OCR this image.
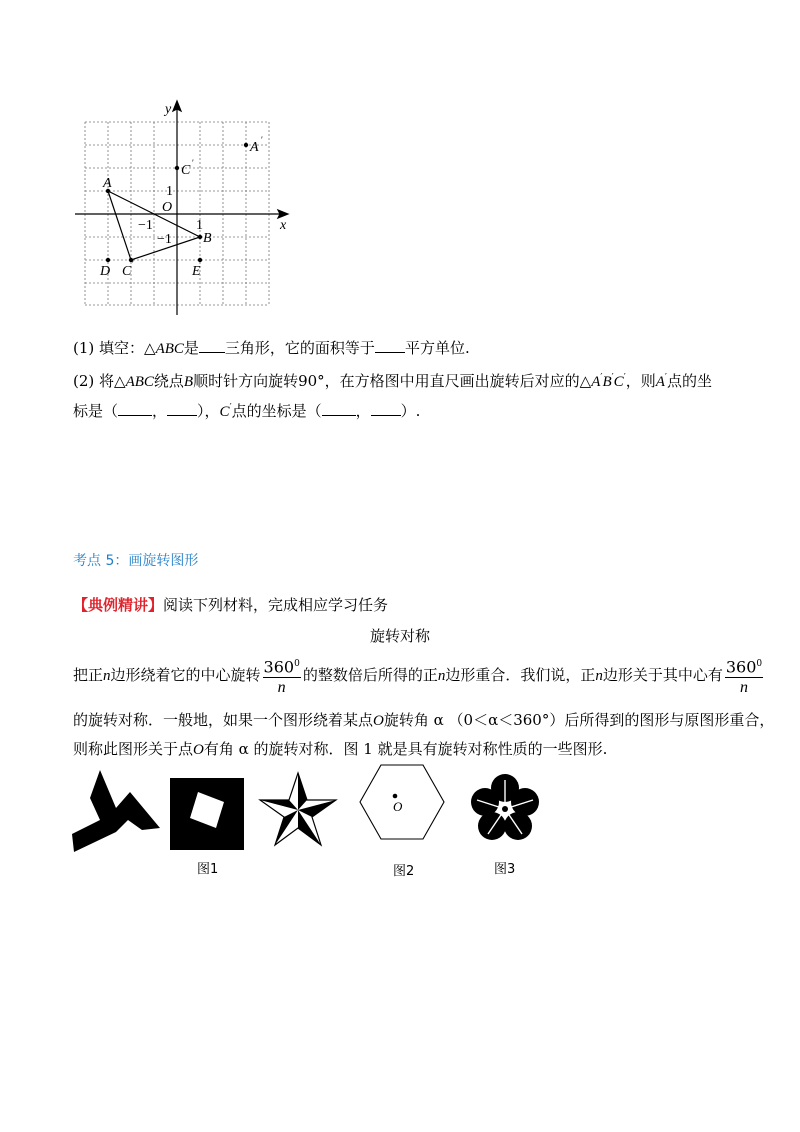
y
x
O
1
1
−1
−1
A
B
C ′
C ′
A ′
D	E
(1) 填空：△ABC是 三角形，它的面积等于 平方单位.
(2) 将△ABC绕点B顺时针方向旋转90°，在方格图中用直尺画出旋转后对应的△A′B′C′，则A′点的坐
标是（ ， ），C′点的坐标是（ ， ）.
考点 5：画旋转图形
【典例精讲】阅读下列材料，完成相应学习任务
旋转对称
把正n边形绕着它的中心旋转 $\frac{360^0}{n}$ 的整数倍后所得的正n边形重合．我们说，正n边形关于其中心有 $\frac{360^0}{n}$
的旋转对称．一般地，如果一个图形绕着某点O旋转角 α （0＜α＜360°）后所得到的图形与原图形重合，
则称此图形关于点O有角 α 的旋转对称．图 1 就是具有旋转对称性质的一些图形.
O
图1	图2	图3
